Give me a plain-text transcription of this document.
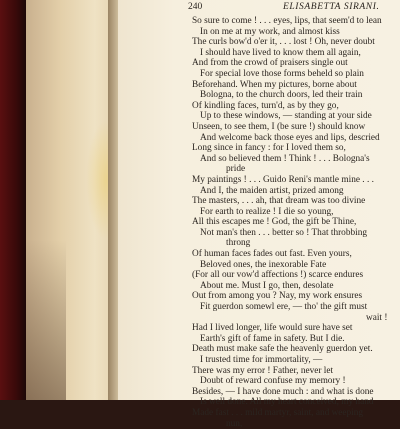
240	ELISABETTA SIRANI.
So sure to come ! . . . eyes, lips, that seem'd to lean
In on me at my work, and almost kiss
The curls bow'd o'er it, . . . lost ! Oh, never doubt
I should have lived to know them all again,
And from the crowd of praisers single out
For special love those forms beheld so plain
Beforehand. When my pictures, borne about
Bologna, to the church doors, led their train
Of kindling faces, turn'd, as by they go,
Up to these windows, — standing at your side
Unseen, to see them, I (be sure !) should know
And welcome back those eyes and lips, descried
Long since in fancy : for I loved them so,
And so believed them ! Think ! . . . Bologna's
pride
My paintings ! . . . Guido Reni's mantle mine . . .
And I, the maiden artist, prized among
The masters, . . . ah, that dream was too divine
For earth to realize ! I die so young,
All this escapes me ! God, the gift be Thine,
Not man's then . . . better so ! That throbbing
throng
Of human faces fades out fast. Even yours,
Beloved ones, the inexorable Fate
(For all our vow'd affections !) scarce endures
About me. Must I go, then, desolate
Out from among you ? Nay, my work ensures
Fit guerdon somewl ere, — tho' the gift must
wait !
Had I lived longer, life would sure have set
Earth's gift of fame in safety. But I die.
Death must make safe the heavenly guerdon yet.
I trusted time for immortality, —
There was my error ! Father, never let
Doubt of reward confuse my memory !
Besides, — I have done much : and what is done
Is well done. All my heart conceived, my hand
Made fast . . . mild martyr, saint, and weeping
nun,
